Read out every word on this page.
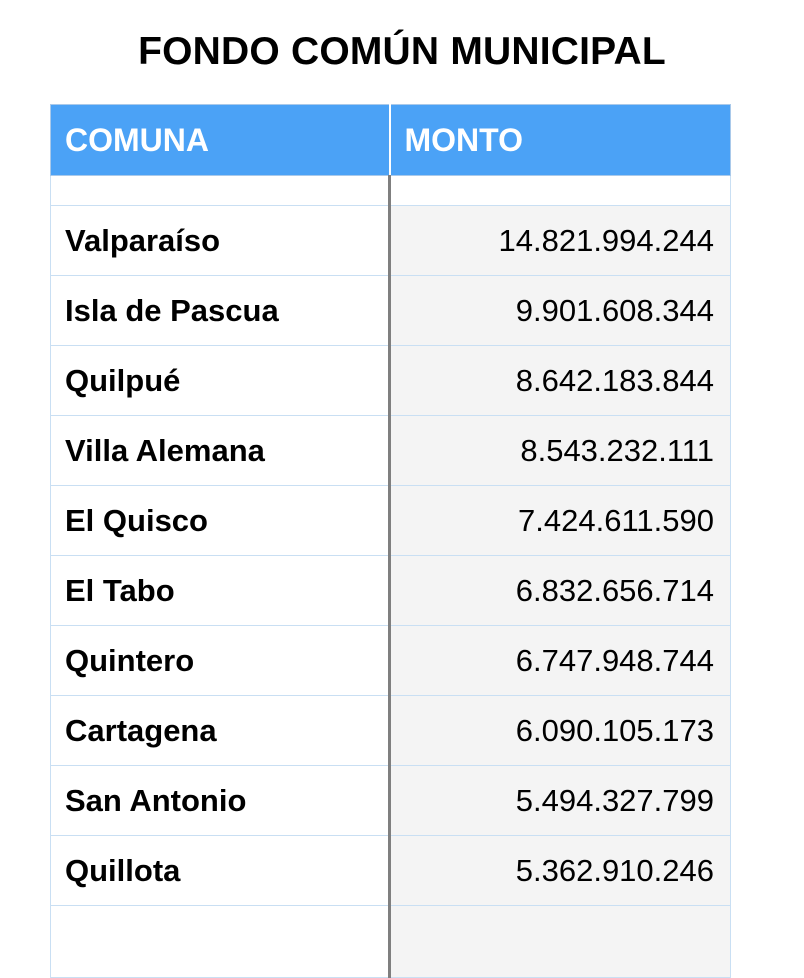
FONDO COMÚN MUNICIPAL
COMUNA	MONTO

Valparaíso	14.821.994.244
Isla de Pascua	9.901.608.344
Quilpué	8.642.183.844
Villa Alemana	8.543.232.111
El Quisco	7.424.611.590
El Tabo	6.832.656.714
Quintero	6.747.948.744
Cartagena	6.090.105.173
San Antonio	5.494.327.799
Quillota	5.362.910.246
